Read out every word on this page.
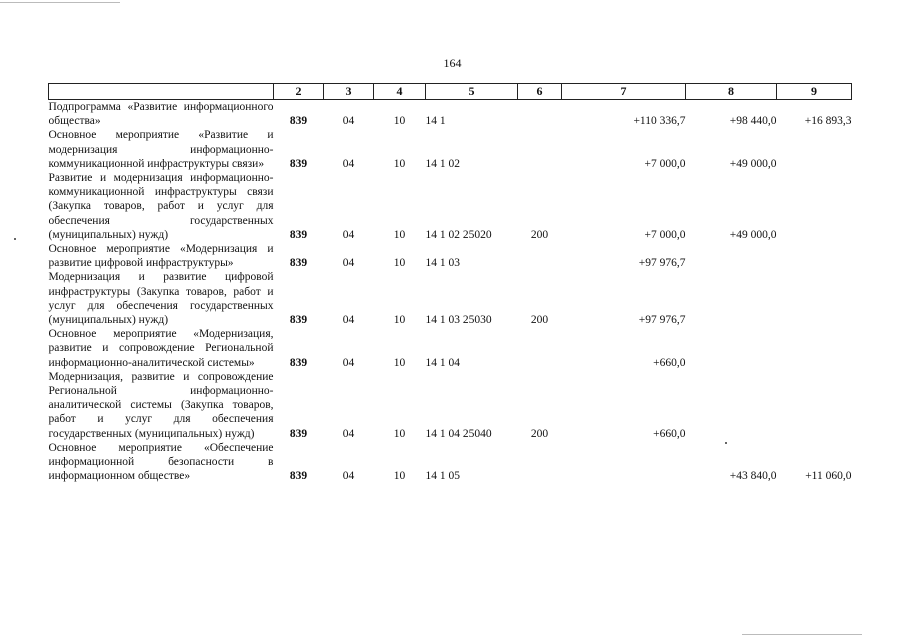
164
	2	3	4	5	6	7	8	9
Подпрограмма «Развитие информационного общества»	839	04	10	14 1		+110 336,7	+98 440,0	+16 893,3
Основное мероприятие «Развитие и модернизация информационно-коммуникационной инфраструктуры связи»	839	04	10	14 1 02		+7 000,0	+49 000,0	
Развитие и модернизация информационно-коммуникационной инфраструктуры связи (Закупка товаров, работ и услуг для обеспечения государственных (муниципальных) нужд)	839	04	10	14 1 02 25020	200	+7 000,0	+49 000,0	
Основное мероприятие «Модернизация и развитие цифровой инфраструктуры»	839	04	10	14 1 03		+97 976,7		
Модернизация и развитие цифровой инфраструктуры (Закупка товаров, работ и услуг для обеспечения государственных (муниципальных) нужд)	839	04	10	14 1 03 25030	200	+97 976,7		
Основное мероприятие «Модернизация, развитие и сопровождение Региональной информационно-аналитической системы»	839	04	10	14 1 04		+660,0		
Модернизация, развитие и сопровождение Региональной информационно-аналитической системы (Закупка товаров, работ и услуг для обеспечения государственных (муниципальных) нужд)	839	04	10	14 1 04 25040	200	+660,0		
Основное мероприятие «Обеспечение информационной безопасности в информационном обществе»	839	04	10	14 1 05			+43 840,0	+11 060,0
